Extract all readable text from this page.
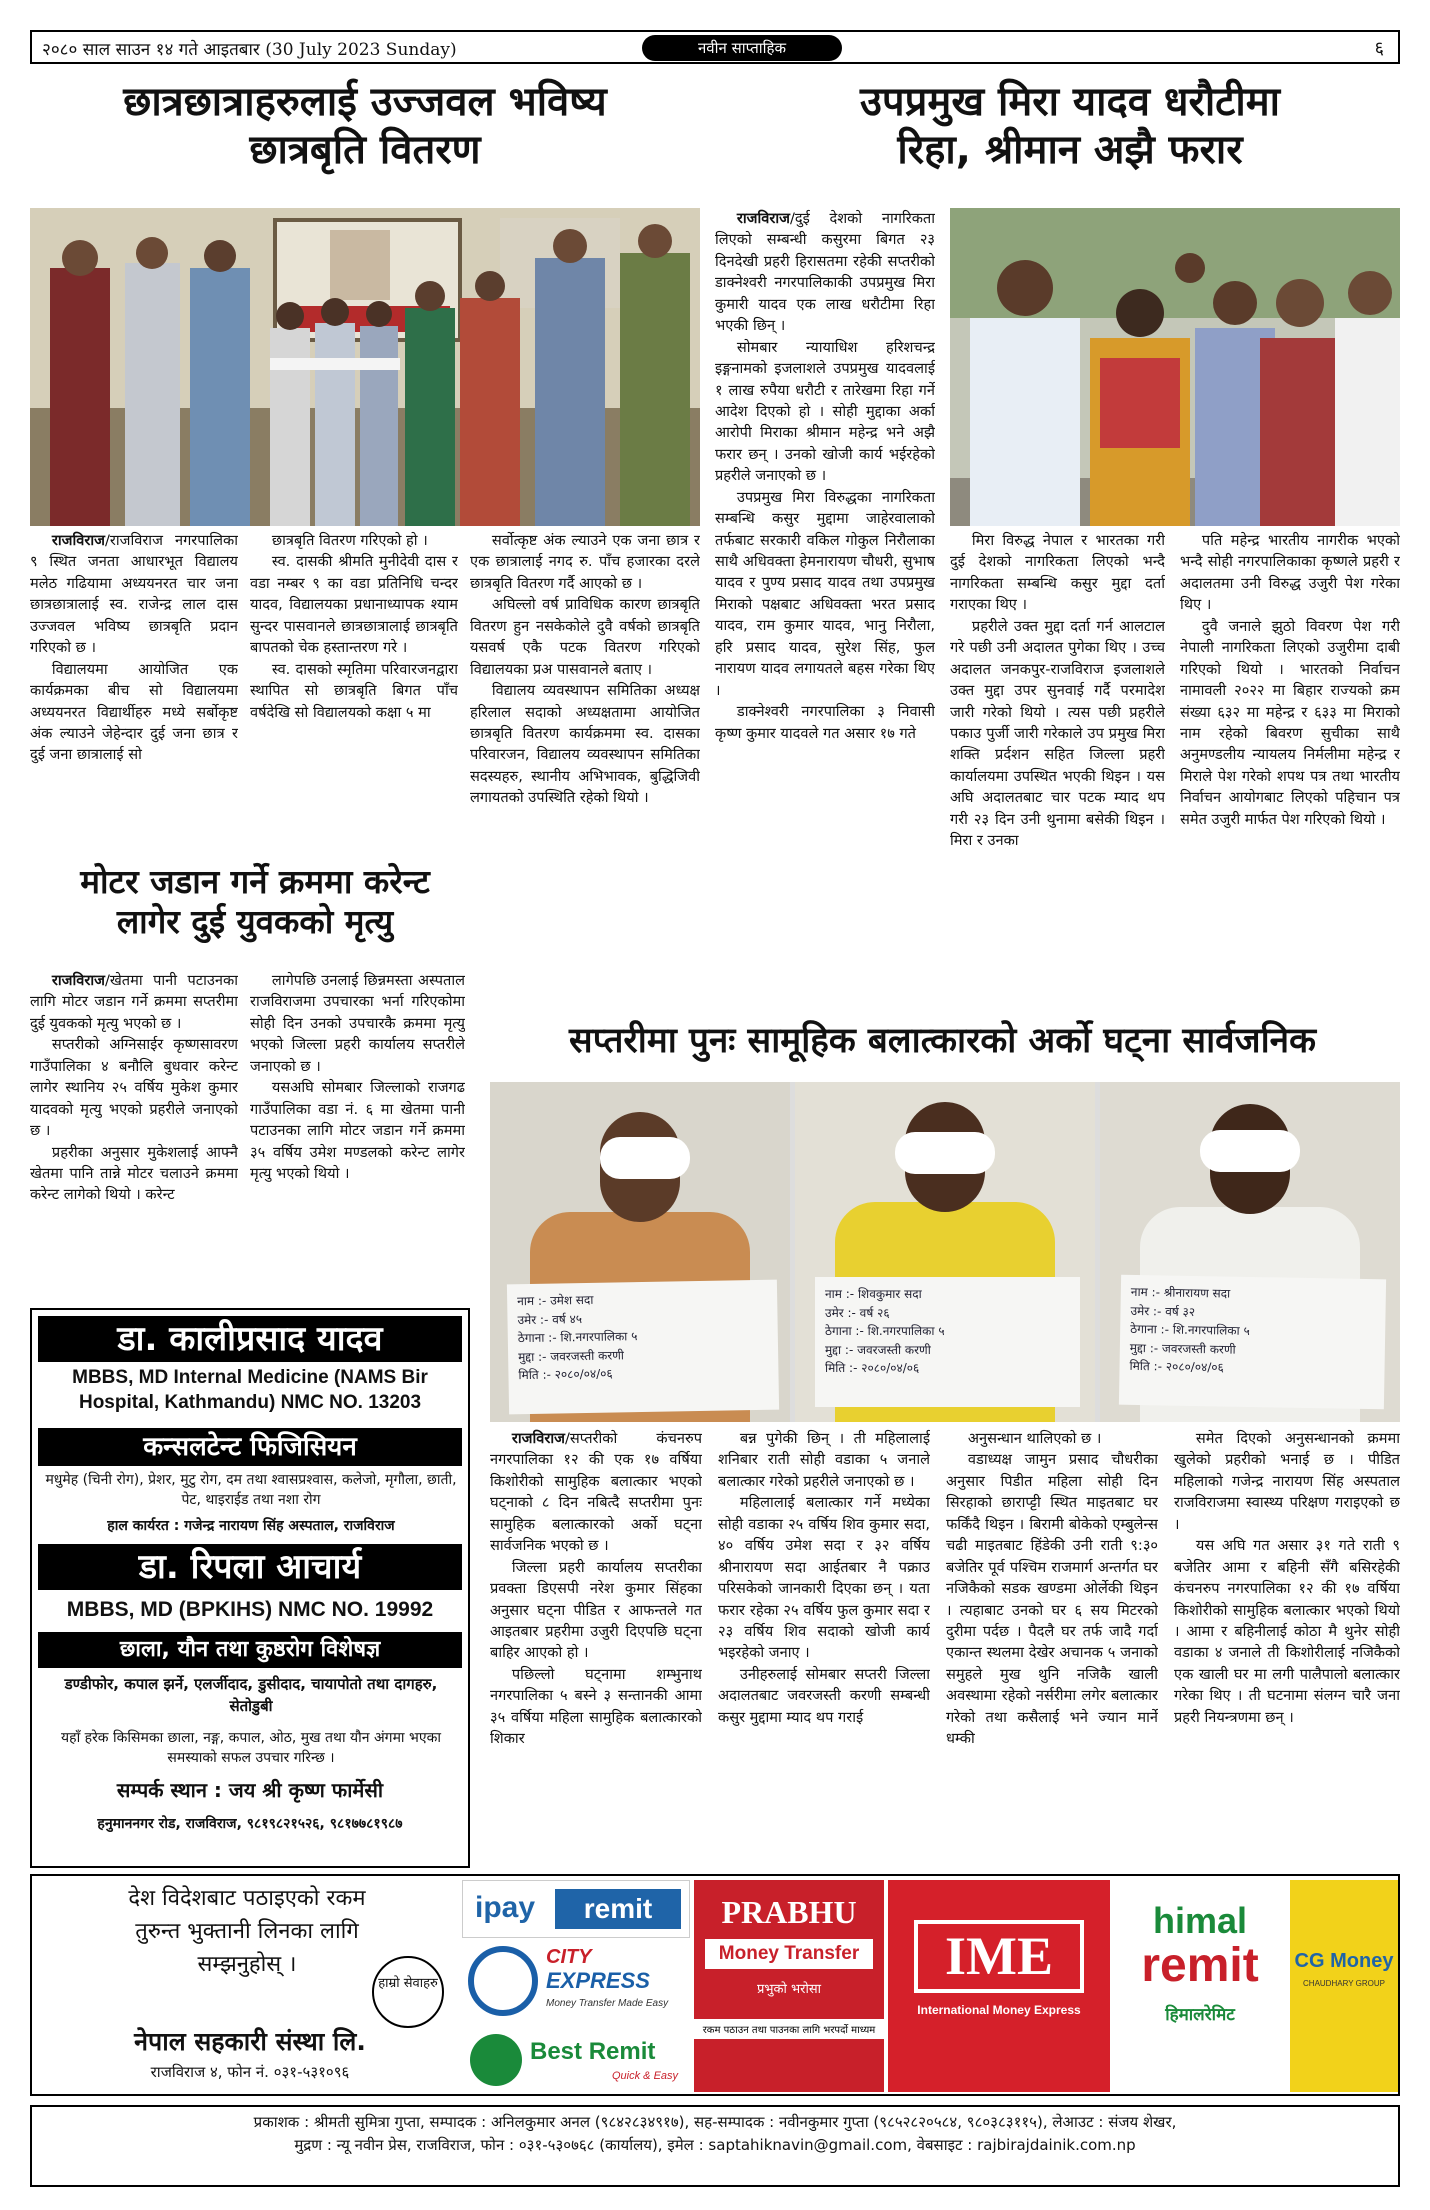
२०८० साल साउन १४ गते आइतबार (30 July 2023 Sunday)	नवीन साप्ताहिक	६
छात्रछात्राहरुलाई उज्जवल भविष्य
छात्रबृति वितरण
उपप्रमुख मिरा यादव धरौटीमा
रिहा, श्रीमान अझै फरार

राजविराज/राजविराज नगरपालिका ९ स्थित जनता आधारभूत विद्यालय मलेठ गढियामा अध्ययनरत चार जना छात्रछात्रालाई स्व. राजेन्द्र लाल दास उज्जवल भविष्य छात्रबृति प्रदान गरिएको छ ।

विद्यालयमा आयोजित एक कार्यक्रमका बीच सो विद्यालयमा अध्ययनरत विद्यार्थीहरु मध्ये सर्बोकृष्ट अंक ल्याउने जेहेन्दार दुई जना छात्र र दुई जना छात्रालाई सो

छात्रबृति वितरण गरिएको हो ।

स्व. दासकी श्रीमति मुनीदेवी दास र वडा नम्बर ९ का वडा प्रतिनिधि चन्दर यादव, विद्यालयका प्रधानाध्यापक श्याम सुन्दर पासवानले छात्रछात्रालाई छात्रबृति बापतको चेक हस्तान्तरण गरे ।

स्व. दासको स्मृतिमा परिवारजनद्वारा स्थापित सो छात्रबृति बिगत पाँच वर्षदेखि सो विद्यालयको कक्षा ५ मा

सर्वोत्कृष्ट अंक ल्याउने एक जना छात्र र एक छात्रालाई नगद रु. पाँच हजारका दरले छात्रबृति वितरण गर्दै आएको छ ।

अघिल्लो वर्ष प्राविधिक कारण छात्रबृति वितरण हुन नसकेकोले दुवै वर्षको छात्रबृति यसवर्ष एकै पटक वितरण गरिएको विद्यालयका प्रअ पासवानले बताए ।

विद्यालय व्यवस्थापन समितिका अध्यक्ष हरिलाल सदाको अध्यक्षतामा आयोजित छात्रबृति वितरण कार्यक्रममा स्व. दासका परिवारजन, विद्यालय व्यवस्थापन समितिका सदस्यहरु, स्थानीय अभिभावक, बुद्धिजिवी लगायतको उपस्थिति रहेको थियो ।

राजविराज/दुई देशको नागरिकता लिएको सम्बन्धी कसुरमा बिगत २३ दिनदेखी प्रहरी हिरासतमा रहेकी सप्तरीको डाक्नेश्वरी नगरपालिकाकी उपप्रमुख मिरा कुमारी यादव एक लाख धरौटीमा रिहा भएकी छिन् ।

सोमबार न्यायाधिश हरिशचन्द्र इङ्गनामको इजलाशले उपप्रमुख यादवलाई १ लाख रुपैया धरौटी र तारेखमा रिहा गर्ने आदेश दिएको हो । सोही मुद्दाका अर्का आरोपी मिराका श्रीमान महेन्द्र भने अझै फरार छन् । उनको खोजी कार्य भईरहेको प्रहरीले जनाएको छ ।

उपप्रमुख मिरा विरुद्धका नागरिकता सम्बन्धि कसुर मुद्दामा जाहेरवालाको तर्फबाट सरकारी वकिल गोकुल निरौलाका साथै अधिवक्ता हेमनारायण चौधरी, सुभाष यादव र पुण्य प्रसाद यादव तथा उपप्रमुख मिराको पक्षबाट अधिवक्ता भरत प्रसाद यादव, राम कुमार यादव, भानु निरौला, हरि प्रसाद यादव, सुरेश सिंह, फुल नारायण यादव लगायतले बहस गरेका थिए ।

डाक्नेश्वरी नगरपालिका ३ निवासी कृष्ण कुमार यादवले गत असार १७ गते

मिरा विरुद्ध नेपाल र भारतका गरी दुई देशको नागरिकता लिएको भन्दै नागरिकता सम्बन्धि कसुर मुद्दा दर्ता गराएका थिए ।

प्रहरीले उक्त मुद्दा दर्ता गर्न आलटाल गरे पछी उनी अदालत पुगेका थिए । उच्च अदालत जनकपुर-राजविराज इजलाशले उक्त मुद्दा उपर सुनवाई गर्दै परमादेश जारी गरेको थियो । त्यस पछी प्रहरीले पकाउ पुर्जी जारी गरेकाले उप प्रमुख मिरा शक्ति प्रर्दशन सहित जिल्ला प्रहरी कार्यालयमा उपस्थित भएकी थिइन । यस अघि अदालतबाट चार पटक म्याद थप गरी २३ दिन उनी थुनामा बसेकी थिइन । मिरा र उनका

पति महेन्द्र भारतीय नागरीक भएको भन्दै सोही नगरपालिकाका कृष्णले प्रहरी र अदालतमा उनी विरुद्ध उजुरी पेश गरेका थिए ।

दुवै जनाले झुठो विवरण पेश गरी नेपाली नागरिकता लिएको उजुरीमा दाबी गरिएको थियो । भारतको निर्वाचन नामावली २०२२ मा बिहार राज्यको क्रम संख्या ६३२ मा महेन्द्र र ६३३ मा मिराको नाम रहेको बिवरण सुचीका साथै अनुमण्डलीय न्यायलय निर्मलीमा महेन्द्र र मिराले पेश गरेको शपथ पत्र तथा भारतीय निर्वाचन आयोगबाट लिएको पहिचान पत्र समेत उजुरी मार्फत पेश गरिएको थियो ।

मोटर जडान गर्ने क्रममा करेन्ट
लागेर दुई युवकको मृत्यु

राजविराज/खेतमा पानी पटाउनका लागि मोटर जडान गर्ने क्रममा सप्तरीमा दुई युवकको मृत्यु भएको छ ।

सप्तरीको अग्निसाईर कृष्णसावरण गाउँपालिका ४ बनौलि बुधवार करेन्ट लागेर स्थानिय २५ वर्षिय मुकेश कुमार यादवको मृत्यु भएको प्रहरीले जनाएको छ ।

प्रहरीका अनुसार मुकेशलाई आफ्नै खेतमा पानि तान्ने मोटर चलाउने क्रममा करेन्ट लागेको थियो । करेन्ट

लागेपछि उनलाई छिन्नमस्ता अस्पताल राजविराजमा उपचारका भर्ना गरिएकोमा सोही दिन उनको उपचारकै क्रममा मृत्यु भएको जिल्ला प्रहरी कार्यालय सप्तरीले जनाएको छ ।

यसअघि सोमबार जिल्लाको राजगढ गाउँपालिका वडा नं. ६ मा खेतमा पानी पटाउनका लागि मोटर जडान गर्ने क्रममा ३५ वर्षिय उमेश मण्डलको करेन्ट लागेर मृत्यु भएको थियो ।

सप्तरीमा पुनः सामूहिक बलात्कारको अर्को घट्ना सार्वजनिक
नाम :- उमेश सदा
उमेर :- वर्ष ४५
ठेगाना :- शि.नगरपालिका ५
मुद्दा :- जवरजस्ती करणी
मिति :- २०८०/०४/०६
नाम :- शिवकुमार सदा
उमेर :- वर्ष २६
ठेगाना :- शि.नगरपालिका ५
मुद्दा :- जवरजस्ती करणी
मिति :- २०८०/०४/०६
नाम :- श्रीनारायण सदा
उमेर :- वर्ष ३२
ठेगाना :- शि.नगरपालिका ५
मुद्दा :- जवरजस्ती करणी
मिति :- २०८०/०४/०६

राजविराज/सप्तरीको कंचनरुप नगरपालिका १२ की एक १७ वर्षिया किशोरीको सामुहिक बलात्कार भएको घट्नाको ८ दिन नबित्दै सप्तरीमा पुनः सामुहिक बलात्कारको अर्को घट्ना सार्वजनिक भएको छ ।

जिल्ला प्रहरी कार्यालय सप्तरीका प्रवक्ता डिएसपी नरेश कुमार सिंहका अनुसार घट्ना पीडित र आफन्तले गत आइतबार प्रहरीमा उजुरी दिएपछि घट्ना बाहिर आएको हो ।

पछिल्लो घट्नामा शम्भुनाथ नगरपालिका ५ बस्ने ३ सन्तानकी आमा ३५ वर्षिया महिला सामुहिक बलात्कारको शिकार

बन्न पुगेकी छिन् । ती महिलालाई शनिबार राती सोही वडाका ५ जनाले बलात्कार गरेको प्रहरीले जनाएको छ ।

महिलालाई बलात्कार गर्ने मध्येका सोही वडाका २५ वर्षिय शिव कुमार सदा, ४० वर्षिय उमेश सदा र ३२ वर्षिय श्रीनारायण सदा आईतबार नै पक्राउ परिसकेको जानकारी दिएका छन् । यता फरार रहेका २५ वर्षिय फुल कुमार सदा र २३ वर्षिय शिव सदाको खोजी कार्य भइरहेको जनाए ।

उनीहरुलाई सोमबार सप्तरी जिल्ला अदालतबाट जवरजस्ती करणी सम्बन्धी कसुर मुद्दामा म्याद थप गराई

अनुसन्धान थालिएको छ ।

वडाध्यक्ष जामुन प्रसाद चौधरीका अनुसार पिडीत महिला सोही दिन सिरहाको छाराप्ट्टी स्थित माइतबाट घर फर्किंदै थिइन । बिरामी बोकेको एम्बुलेन्स चढी माइतबाट हिंडेकी उनी राती ९:३० बजेतिर पूर्व पश्चिम राजमार्ग अन्तर्गत घर नजिकैको सडक खण्डमा ओर्लेकी थिइन । त्यहाबाट उनको घर ६ सय मिटरको दुरीमा पर्दछ । पैदलै घर तर्फ जादै गर्दा एकान्त स्थलमा देखेर अचानक ५ जनाको समुहले मुख थुनि नजिकै खाली अवस्थामा रहेको नर्सरीमा लगेर बलात्कार गरेको तथा कसैलाई भने ज्यान मार्ने धम्की

समेत दिएको अनुसन्धानको क्रममा खुलेको प्रहरीको भनाई छ । पीडित महिलाको गजेन्द्र नारायण सिंह अस्पताल राजविराजमा स्वास्थ्य परिक्षण गराइएको छ ।

यस अघि गत असार ३१ गते राती ९ बजेतिर आमा र बहिनी सँगै बसिरहेकी कंचनरुप नगरपालिका १२ की १७ वर्षिया किशोरीको सामुहिक बलात्कार भएको थियो । आमा र बहिनीलाई कोठा मै थुनेर सोही वडाका ४ जनाले ती किशोरीलाई नजिकैको एक खाली घर मा लगी पालैपालो बलात्कार गरेका थिए । ती घटनामा संलग्न चारै जना प्रहरी नियन्त्रणमा छन् ।

डा. कालीप्रसाद यादव
MBBS, MD Internal Medicine (NAMS Bir Hospital, Kathmandu) NMC NO. 13203
कन्सलटेन्ट फिजिसियन
मधुमेह (चिनी रोग), प्रेशर, मुटु रोग, दम तथा श्वासप्रश्वास, कलेजो, मृगौला, छाती, पेट, थाइराईड तथा नशा रोग
हाल कार्यरत : गजेन्द्र नारायण सिंह अस्पताल, राजविराज
डा. रिपला आचार्य
MBBS, MD (BPKIHS) NMC NO. 19992
छाला, यौन तथा कुष्ठरोग विशेषज्ञ
डण्डीफोर, कपाल झर्ने, एलर्जीदाद, डुसीदाद, चायापोतो तथा दागहरु, सेतोडुबी
यहाँ हरेक किसिमका छाला, नङ्ग, कपाल, ओठ, मुख तथा यौन अंगमा भएका समस्याको सफल उपचार गरिन्छ ।
सम्पर्क स्थान : जय श्री कृष्ण फार्मेसी
हनुमाननगर रोड, राजविराज, ९८१९८२१५२६, ९८१७७८१९८७
देश विदेशबाट पठाइएको रकम
तुरुन्त भुक्तानी लिनका लागि
सम्झनुहोस् ।
हाम्रो सेवाहरु
नेपाल सहकारी संस्था लि.
राजविराज ४, फोन नं. ०३१-५३१०९६
ipay	remit
CITY
EXPRESS
Money Transfer Made Easy
Best Remit
Quick & Easy
PRABHU
Money Transfer
प्रभुको भरोसा
रकम पठाउन तथा पाउनका लागि भरपर्दो माध्यम
IME
International Money Express
himal
remit
हिमालरेमिट
CG Money
CHAUDHARY GROUP
प्रकाशक : श्रीमती सुमित्रा गुप्ता, सम्पादक : अनिलकुमार अनल (९८४२८३४९१७), सह-सम्पादक : नवीनकुमार गुप्ता (९८५२८२०५८४, ९८०३८३११५), लेआउट : संजय शेखर,
मुद्रण : न्यू नवीन प्रेस, राजविराज, फोन : ०३१-५३०७६८ (कार्यालय), इमेल : saptahiknavin@gmail.com, वेबसाइट : rajbirajdainik.com.np
